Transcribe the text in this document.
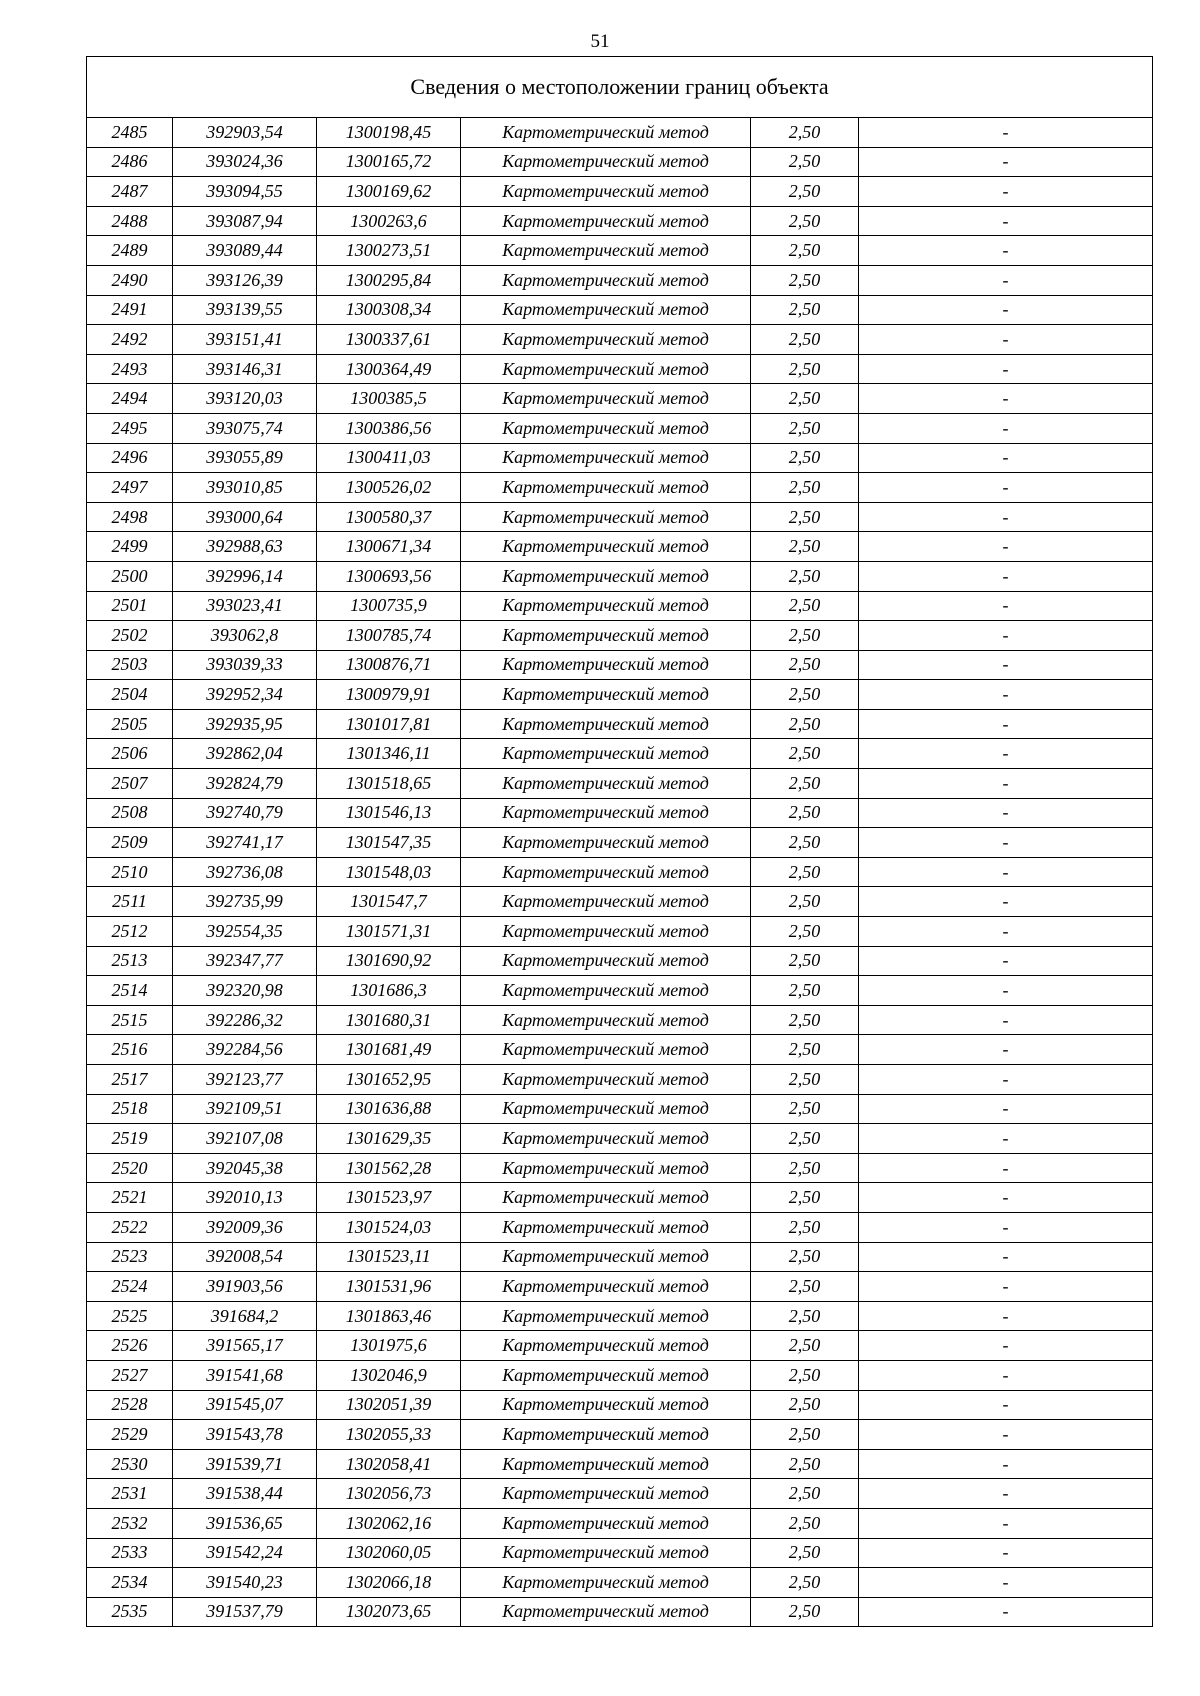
51
Сведения о местоположении границ объекта					
2485	392903,54	1300198,45	Картометрический метод	2,50	-
2486	393024,36	1300165,72	Картометрический метод	2,50	-
2487	393094,55	1300169,62	Картометрический метод	2,50	-
2488	393087,94	1300263,6	Картометрический метод	2,50	-
2489	393089,44	1300273,51	Картометрический метод	2,50	-
2490	393126,39	1300295,84	Картометрический метод	2,50	-
2491	393139,55	1300308,34	Картометрический метод	2,50	-
2492	393151,41	1300337,61	Картометрический метод	2,50	-
2493	393146,31	1300364,49	Картометрический метод	2,50	-
2494	393120,03	1300385,5	Картометрический метод	2,50	-
2495	393075,74	1300386,56	Картометрический метод	2,50	-
2496	393055,89	1300411,03	Картометрический метод	2,50	-
2497	393010,85	1300526,02	Картометрический метод	2,50	-
2498	393000,64	1300580,37	Картометрический метод	2,50	-
2499	392988,63	1300671,34	Картометрический метод	2,50	-
2500	392996,14	1300693,56	Картометрический метод	2,50	-
2501	393023,41	1300735,9	Картометрический метод	2,50	-
2502	393062,8	1300785,74	Картометрический метод	2,50	-
2503	393039,33	1300876,71	Картометрический метод	2,50	-
2504	392952,34	1300979,91	Картометрический метод	2,50	-
2505	392935,95	1301017,81	Картометрический метод	2,50	-
2506	392862,04	1301346,11	Картометрический метод	2,50	-
2507	392824,79	1301518,65	Картометрический метод	2,50	-
2508	392740,79	1301546,13	Картометрический метод	2,50	-
2509	392741,17	1301547,35	Картометрический метод	2,50	-
2510	392736,08	1301548,03	Картометрический метод	2,50	-
2511	392735,99	1301547,7	Картометрический метод	2,50	-
2512	392554,35	1301571,31	Картометрический метод	2,50	-
2513	392347,77	1301690,92	Картометрический метод	2,50	-
2514	392320,98	1301686,3	Картометрический метод	2,50	-
2515	392286,32	1301680,31	Картометрический метод	2,50	-
2516	392284,56	1301681,49	Картометрический метод	2,50	-
2517	392123,77	1301652,95	Картометрический метод	2,50	-
2518	392109,51	1301636,88	Картометрический метод	2,50	-
2519	392107,08	1301629,35	Картометрический метод	2,50	-
2520	392045,38	1301562,28	Картометрический метод	2,50	-
2521	392010,13	1301523,97	Картометрический метод	2,50	-
2522	392009,36	1301524,03	Картометрический метод	2,50	-
2523	392008,54	1301523,11	Картометрический метод	2,50	-
2524	391903,56	1301531,96	Картометрический метод	2,50	-
2525	391684,2	1301863,46	Картометрический метод	2,50	-
2526	391565,17	1301975,6	Картометрический метод	2,50	-
2527	391541,68	1302046,9	Картометрический метод	2,50	-
2528	391545,07	1302051,39	Картометрический метод	2,50	-
2529	391543,78	1302055,33	Картометрический метод	2,50	-
2530	391539,71	1302058,41	Картометрический метод	2,50	-
2531	391538,44	1302056,73	Картометрический метод	2,50	-
2532	391536,65	1302062,16	Картометрический метод	2,50	-
2533	391542,24	1302060,05	Картометрический метод	2,50	-
2534	391540,23	1302066,18	Картометрический метод	2,50	-
2535	391537,79	1302073,65	Картометрический метод	2,50	-
